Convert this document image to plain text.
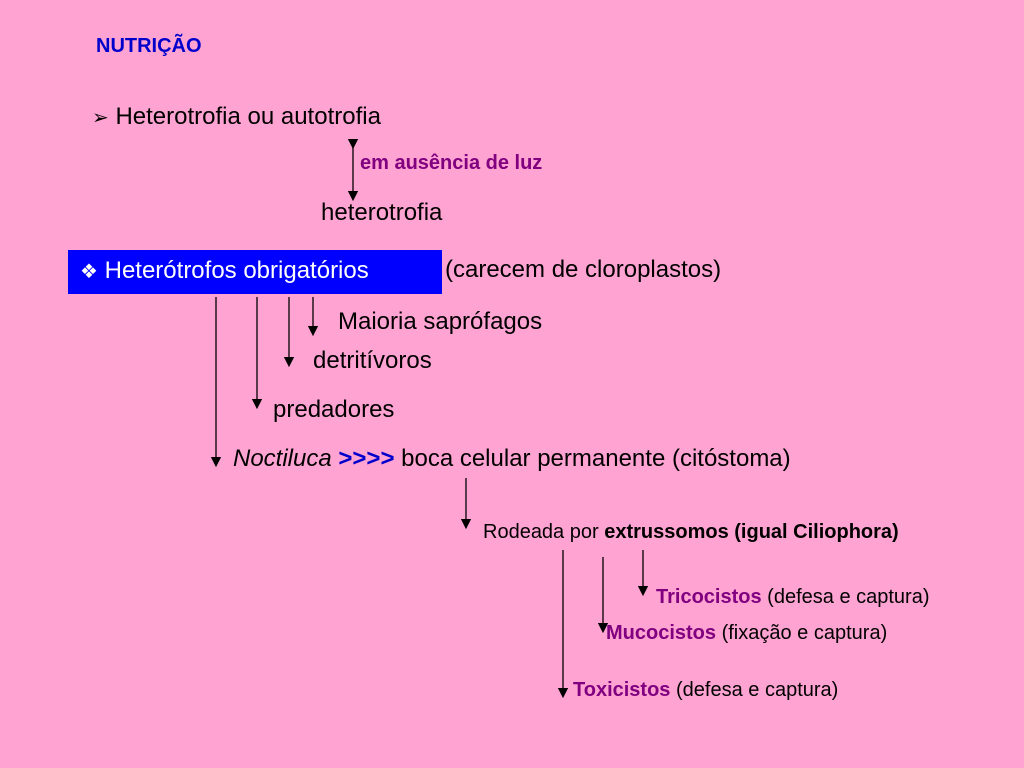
NUTRIÇÃO
➢ Heterotrofia ou autotrofia
em ausência de luz
heterotrofia
❖ Heterótrofos obrigatórios	(carecem de cloroplastos)
Maioria saprófagos
detritívoros
predadores
Noctiluca >>>> boca celular permanente (citóstoma)
Rodeada por extrussomos (igual Ciliophora)
Tricocistos (defesa e captura)
Mucocistos (fixação e captura)
Toxicistos (defesa e captura)
